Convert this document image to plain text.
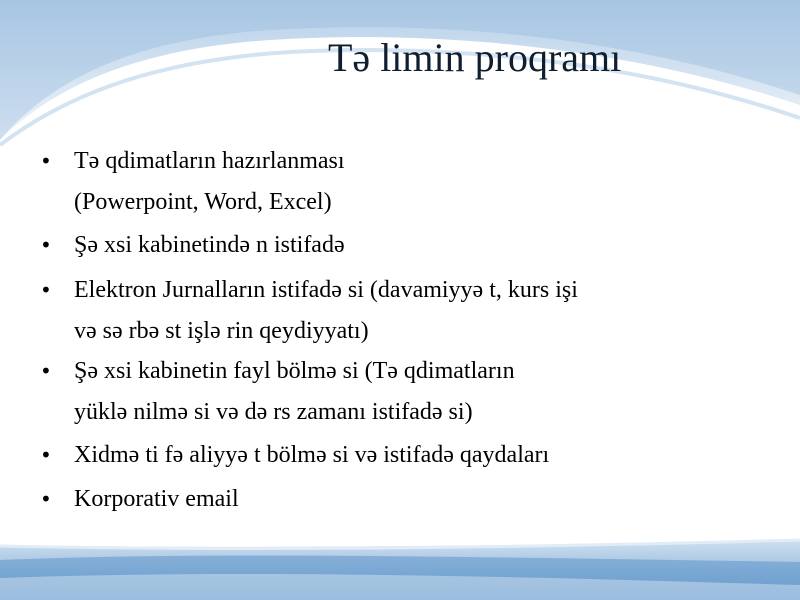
Tə limin proqramı
• Tə qdimatların hazırlanması
(Powerpoint, Word, Excel)
• Şə xsi kabinetində n istifadə
• Elektron Jurnalların istifadə si (davamiyyə t, kurs işi
və sə rbə st işlə rin qeydiyyatı)
• Şə xsi kabinetin fayl bölmə si (Tə qdimatların
yüklə nilmə si və də rs zamanı istifadə si)
• Xidmə ti fə aliyyə t bölmə si və istifadə qaydaları
• Korporativ email
